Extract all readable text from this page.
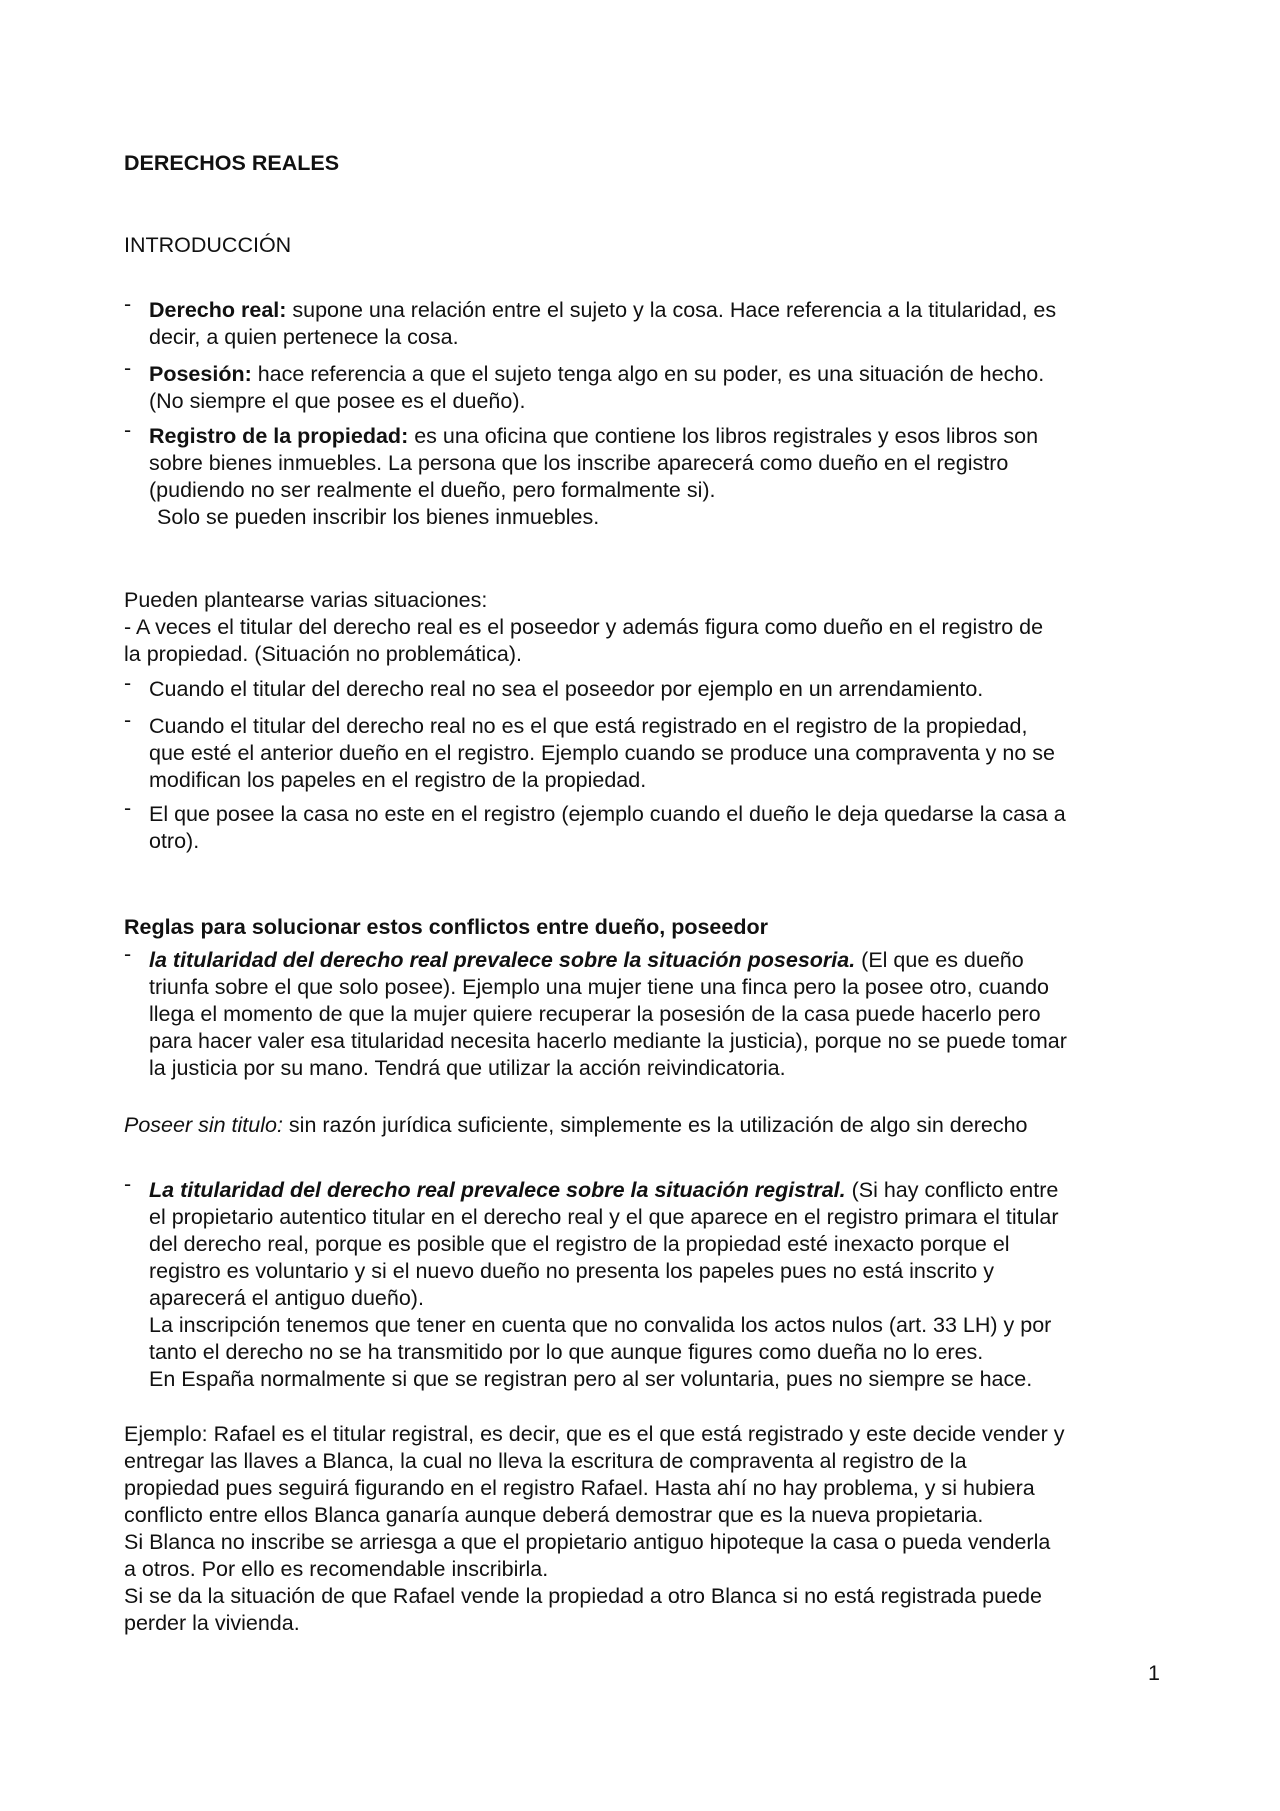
DERECHOS REALES
INTRODUCCIÓN
- Derecho real: supone una relación entre el sujeto y la cosa. Hace referencia a la titularidad, es
decir, a quien pertenece la cosa.
- Posesión: hace referencia a que el sujeto tenga algo en su poder, es una situación de hecho.
(No siempre el que posee es el dueño).
- Registro de la propiedad: es una oficina que contiene los libros registrales y esos libros son
sobre bienes inmuebles. La persona que los inscribe aparecerá como dueño en el registro
(pudiendo no ser realmente el dueño, pero formalmente si).
Solo se pueden inscribir los bienes inmuebles.
Pueden plantearse varias situaciones:
- A veces el titular del derecho real es el poseedor y además figura como dueño en el registro de
la propiedad. (Situación no problemática).
- Cuando el titular del derecho real no sea el poseedor por ejemplo en un arrendamiento.
- Cuando el titular del derecho real no es el que está registrado en el registro de la propiedad,
que esté el anterior dueño en el registro. Ejemplo cuando se produce una compraventa y no se
modifican los papeles en el registro de la propiedad.
- El que posee la casa no este en el registro (ejemplo cuando el dueño le deja quedarse la casa a
otro).
Reglas para solucionar estos conflictos entre dueño, poseedor
- la titularidad del derecho real prevalece sobre la situación posesoria. (El que es dueño
triunfa sobre el que solo posee). Ejemplo una mujer tiene una finca pero la posee otro, cuando
llega el momento de que la mujer quiere recuperar la posesión de la casa puede hacerlo pero
para hacer valer esa titularidad necesita hacerlo mediante la justicia), porque no se puede tomar
la justicia por su mano. Tendrá que utilizar la acción reivindicatoria.
Poseer sin titulo: sin razón jurídica suficiente, simplemente es la utilización de algo sin derecho
- La titularidad del derecho real prevalece sobre la situación registral. (Si hay conflicto entre
el propietario autentico titular en el derecho real y el que aparece en el registro primara el titular
del derecho real, porque es posible que el registro de la propiedad esté inexacto porque el
registro es voluntario y si el nuevo dueño no presenta los papeles pues no está inscrito y
aparecerá el antiguo dueño).
La inscripción tenemos que tener en cuenta que no convalida los actos nulos (art. 33 LH) y por
tanto el derecho no se ha transmitido por lo que aunque figures como dueña no lo eres.
En España normalmente si que se registran pero al ser voluntaria, pues no siempre se hace.
Ejemplo: Rafael es el titular registral, es decir, que es el que está registrado y este decide vender y
entregar las llaves a Blanca, la cual no lleva la escritura de compraventa al registro de la
propiedad pues seguirá figurando en el registro Rafael. Hasta ahí no hay problema, y si hubiera
conflicto entre ellos Blanca ganaría aunque deberá demostrar que es la nueva propietaria.
Si Blanca no inscribe se arriesga a que el propietario antiguo hipoteque la casa o pueda venderla
a otros. Por ello es recomendable inscribirla.
Si se da la situación de que Rafael vende la propiedad a otro Blanca si no está registrada puede
perder la vivienda.
1
